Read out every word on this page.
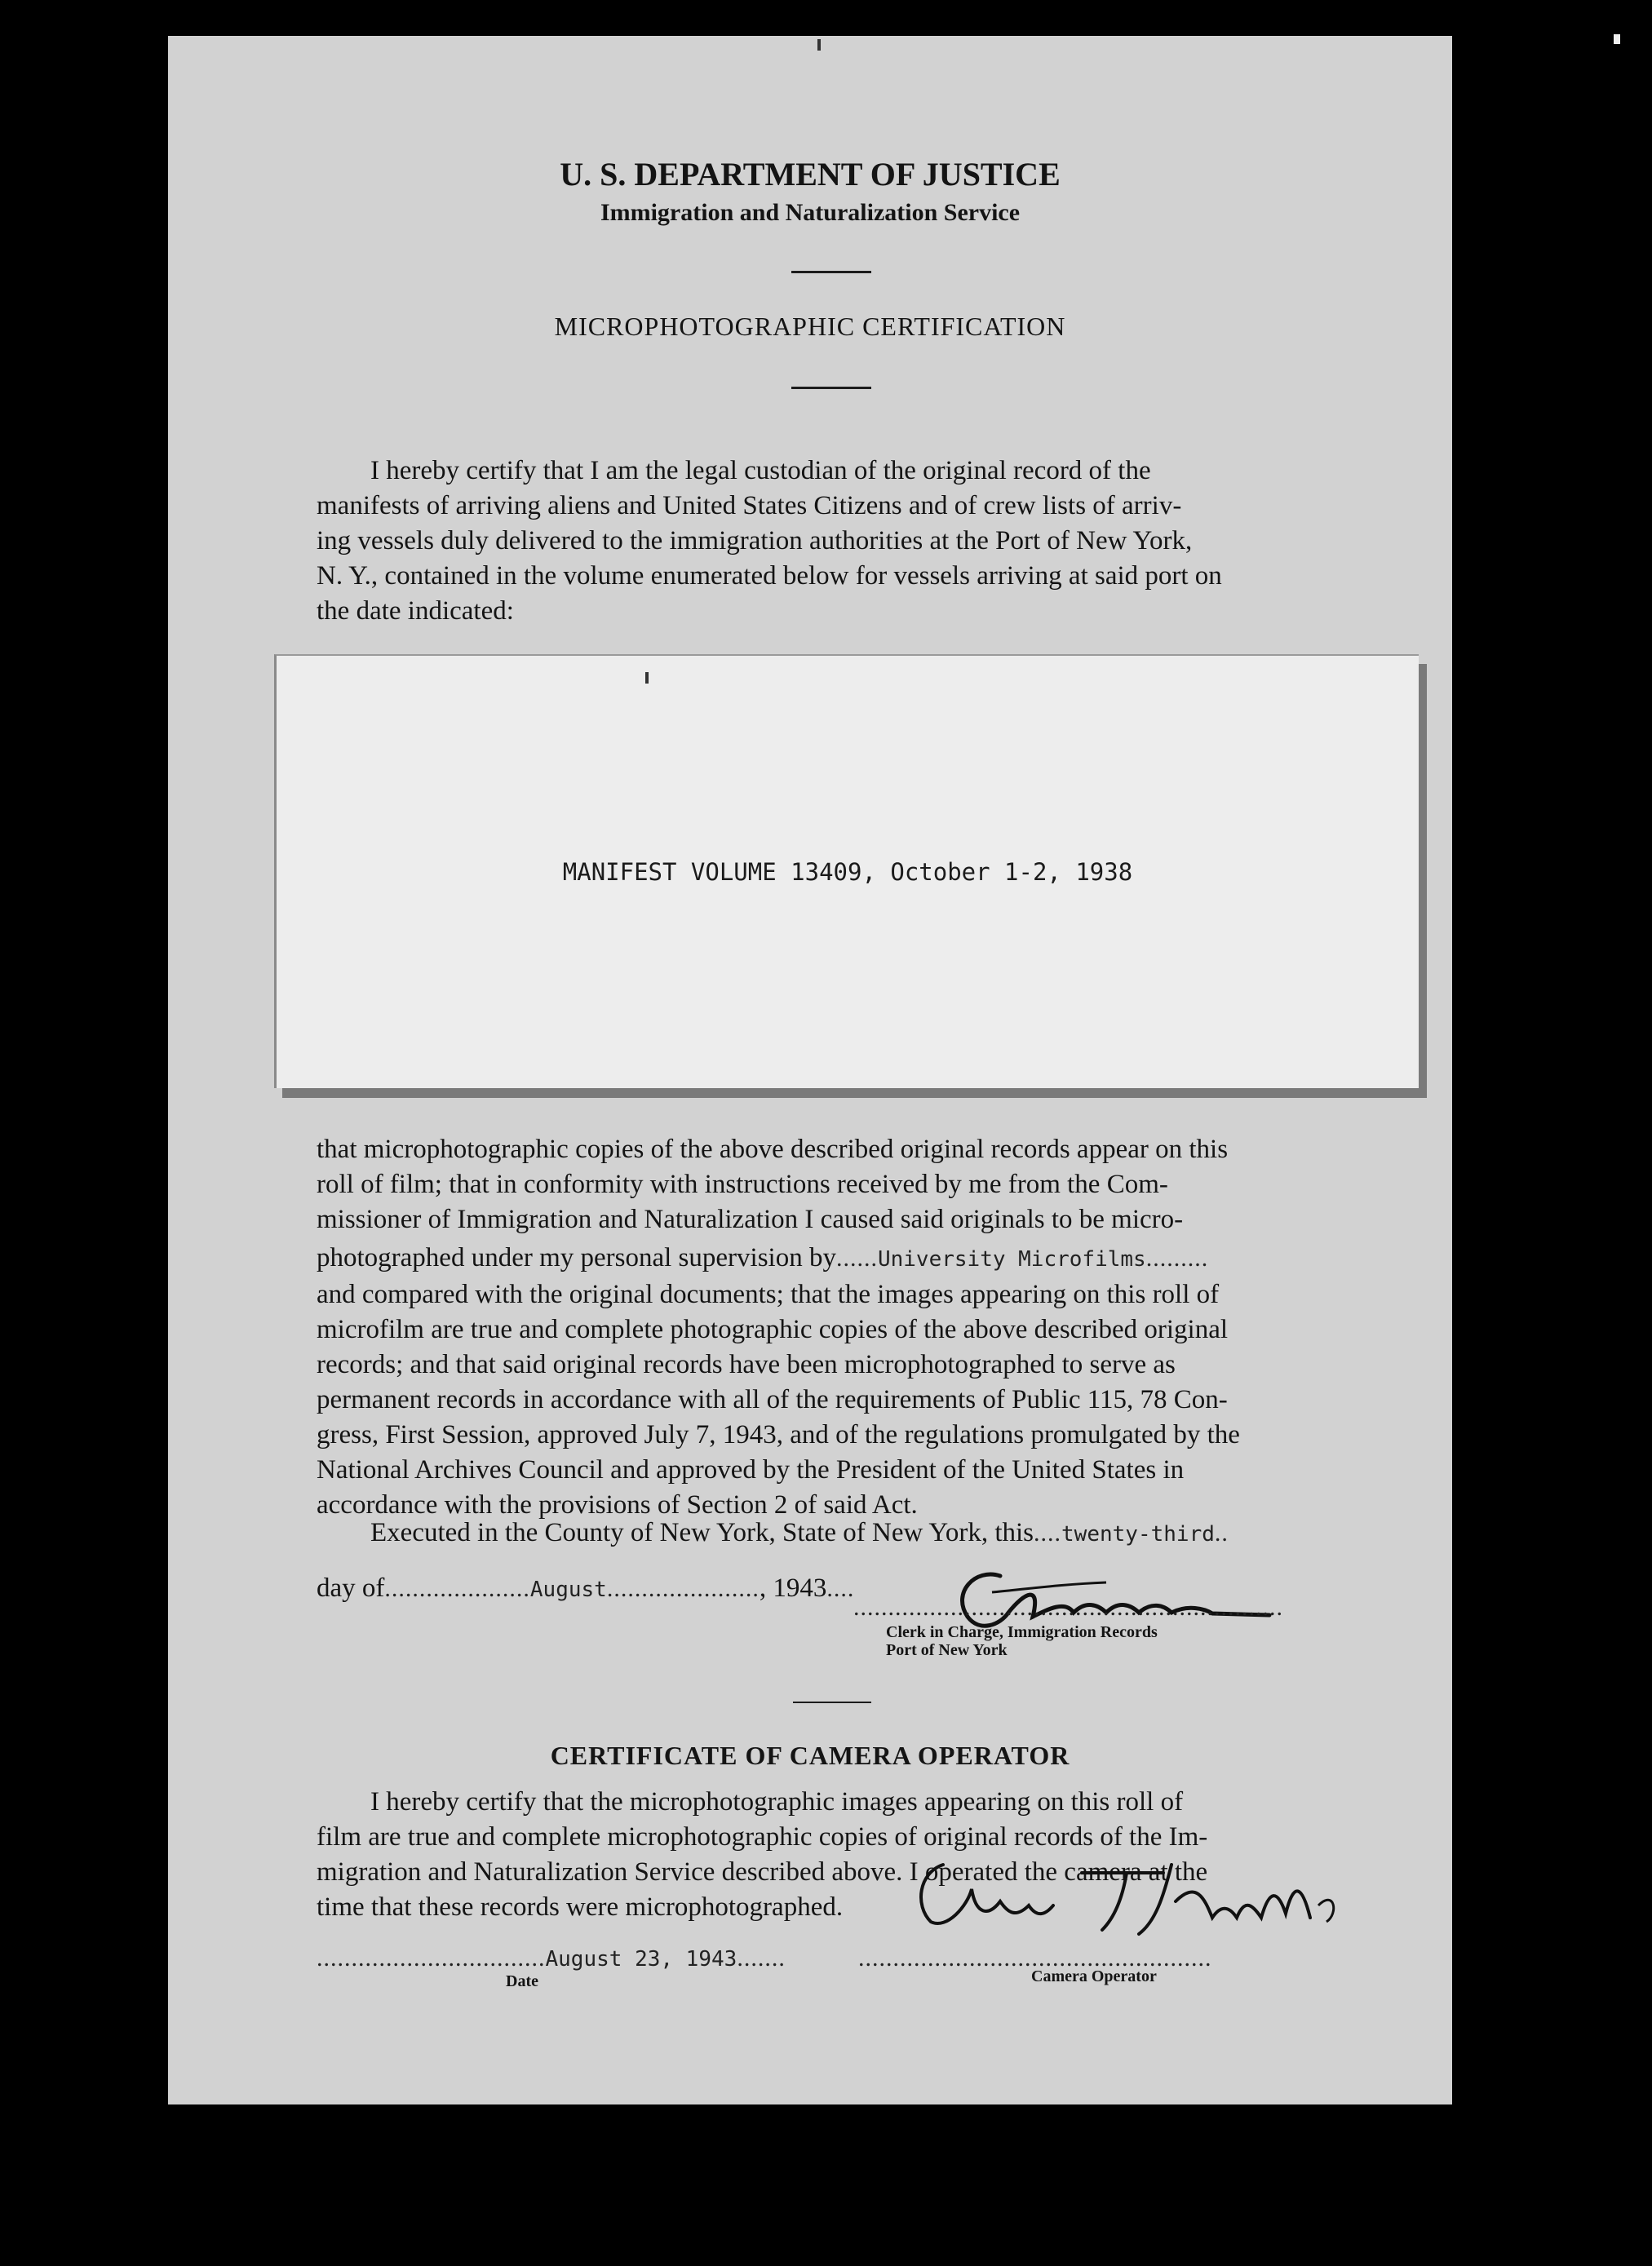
U. S. DEPARTMENT OF JUSTICE
Immigration and Naturalization Service
MICROPHOTOGRAPHIC CERTIFICATION
I hereby certify that I am the legal custodian of the original record of the
manifests of arriving aliens and United States Citizens and of crew lists of arriv-
ing vessels duly delivered to the immigration authorities at the Port of New York,
N. Y., contained in the volume enumerated below for vessels arriving at said port on
the date indicated:
MANIFEST VOLUME 13409, October 1-2, 1938
that microphotographic copies of the above described original records appear on this
roll of film; that in conformity with instructions received by me from the Com-
missioner of Immigration and Naturalization I caused said originals to be micro-
photographed under my personal supervision by......University Microfilms.........
and compared with the original documents; that the images appearing on this roll of
microfilm are true and complete photographic copies of the above described original
records; and that said original records have been microphotographed to serve as
permanent records in accordance with all of the requirements of Public 115, 78 Con-
gress, First Session, approved July 7, 1943, and of the regulations promulgated by the
National Archives Council and approved by the President of the United States in
accordance with the provisions of Section 2 of said Act.
Executed in the County of New York, State of New York, this....twenty-third..
day of.....................August......................, 1943....
..............................................................
Clerk in Charge, Immigration Records
Port of New York
CERTIFICATE OF CAMERA OPERATOR
I hereby certify that the microphotographic images appearing on this roll of
film are true and complete microphotographic copies of original records of the Im-
migration and Naturalization Service described above. I operated the camera at the
time that these records were microphotographed.
.................................August 23, 1943.......	...................................................
Date	Camera Operator
